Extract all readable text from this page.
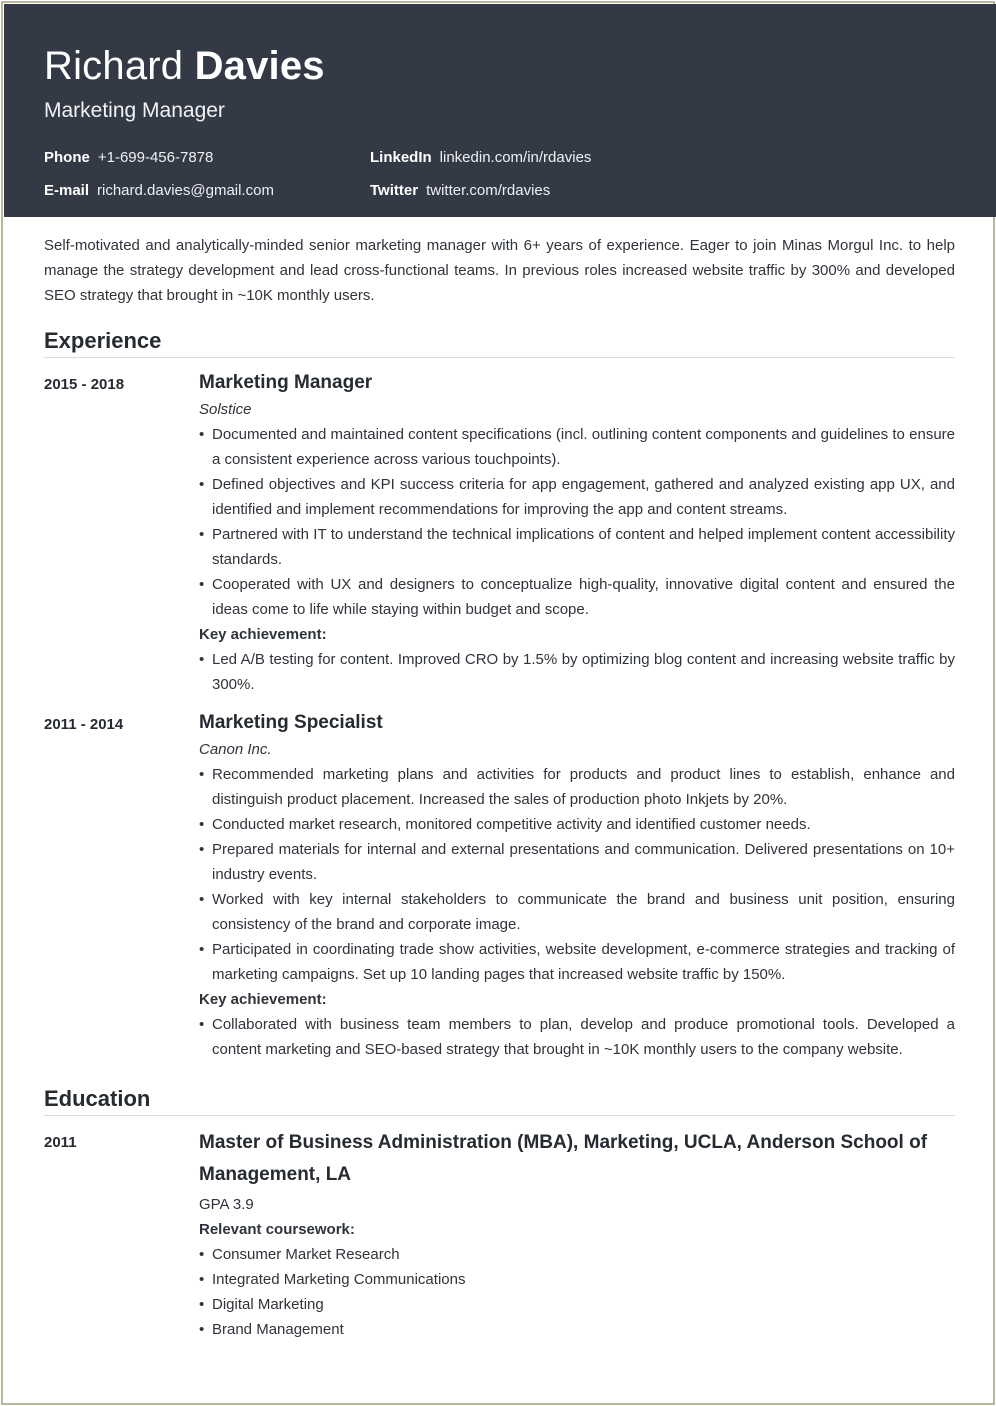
Richard Davies
Marketing Manager
Phone +1-699-456-7878
E-mail richard.davies@gmail.com
LinkedIn linkedin.com/in/rdavies
Twitter twitter.com/rdavies

Self-motivated and analytically-minded senior marketing manager with 6+ years of experience. Eager to join Minas Morgul Inc. to help manage the strategy development and lead cross-functional teams. In previous roles increased website traffic by 300% and developed SEO strategy that brought in ~10K monthly users.

Experience
2015 - 2018	Marketing Manager
Solstice
• Documented and maintained content specifications (incl. outlining content components and guidelines to ensure a consistent experience across various touchpoints).
• Defined objectives and KPI success criteria for app engagement, gathered and analyzed existing app UX, and identified and implement recommendations for improving the app and content streams.
• Partnered with IT to understand the technical implications of content and helped implement content accessibility standards.
• Cooperated with UX and designers to conceptualize high-quality, innovative digital content and ensured the ideas come to life while staying within budget and scope.
Key achievement:
• Led A/B testing for content. Improved CRO by 1.5% by optimizing blog content and increasing website traffic by 300%.
2011 - 2014	Marketing Specialist
Canon Inc.
• Recommended marketing plans and activities for products and product lines to establish, enhance and distinguish product placement. Increased the sales of production photo Inkjets by 20%.
• Conducted market research, monitored competitive activity and identified customer needs.
• Prepared materials for internal and external presentations and communication. Delivered presentations on 10+ industry events.
• Worked with key internal stakeholders to communicate the brand and business unit position, ensuring consistency of the brand and corporate image.
• Participated in coordinating trade show activities, website development, e-commerce strategies and tracking of marketing campaigns. Set up 10 landing pages that increased website traffic by 150%.
Key achievement:
• Collaborated with business team members to plan, develop and produce promotional tools. Developed a content marketing and SEO-based strategy that brought in ~10K monthly users to the company website.
Education
2011	Master of Business Administration (MBA), Marketing, UCLA, Anderson School of Management, LA
GPA 3.9
Relevant coursework:
• Consumer Market Research
• Integrated Marketing Communications
• Digital Marketing
• Brand Management
